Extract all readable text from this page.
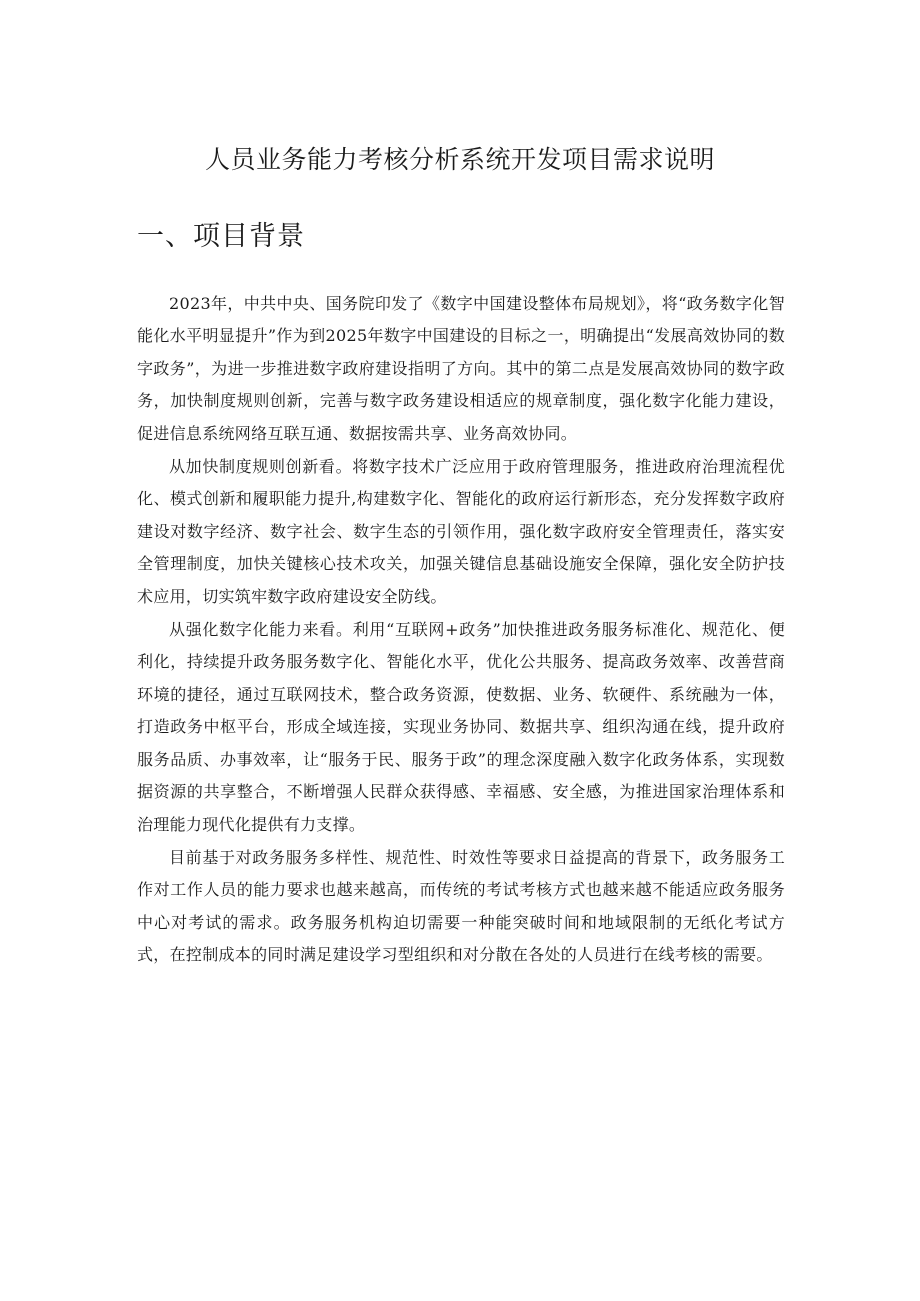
人员业务能力考核分析系统开发项目需求说明
一、项目背景

2023年，中共中央、国务院印发了《数字中国建设整体布局规划》，将“政务数字化智能化水平明显提升”作为到2025年数字中国建设的目标之一，明确提出“发展高效协同的数字政务”，为进一步推进数字政府建设指明了方向。其中的第二点是发展高效协同的数字政务，加快制度规则创新，完善与数字政务建设相适应的规章制度，强化数字化能力建设，促进信息系统网络互联互通、数据按需共享、业务高效协同。

从加快制度规则创新看。将数字技术广泛应用于政府管理服务，推进政府治理流程优化、模式创新和履职能力提升,构建数字化、智能化的政府运行新形态，充分发挥数字政府建设对数字经济、数字社会、数字生态的引领作用，强化数字政府安全管理责任，落实安全管理制度，加快关键核心技术攻关，加强关键信息基础设施安全保障，强化安全防护技术应用，切实筑牢数字政府建设安全防线。

从强化数字化能力来看。利用“互联网+政务”加快推进政务服务标准化、规范化、便利化，持续提升政务服务数字化、智能化水平，优化公共服务、提高政务效率、改善营商环境的捷径，通过互联网技术，整合政务资源，使数据、业务、软硬件、系统融为一体，打造政务中枢平台，形成全域连接，实现业务协同、数据共享、组织沟通在线，提升政府服务品质、办事效率，让“服务于民、服务于政”的理念深度融入数字化政务体系，实现数据资源的共享整合，不断增强人民群众获得感、幸福感、安全感，为推进国家治理体系和治理能力现代化提供有力支撑。

目前基于对政务服务多样性、规范性、时效性等要求日益提高的背景下，政务服务工作对工作人员的能力要求也越来越高，而传统的考试考核方式也越来越不能适应政务服务中心对考试的需求。政务服务机构迫切需要一种能突破时间和地域限制的无纸化考试方式，在控制成本的同时满足建设学习型组织和对分散在各处的人员进行在线考核的需要。
